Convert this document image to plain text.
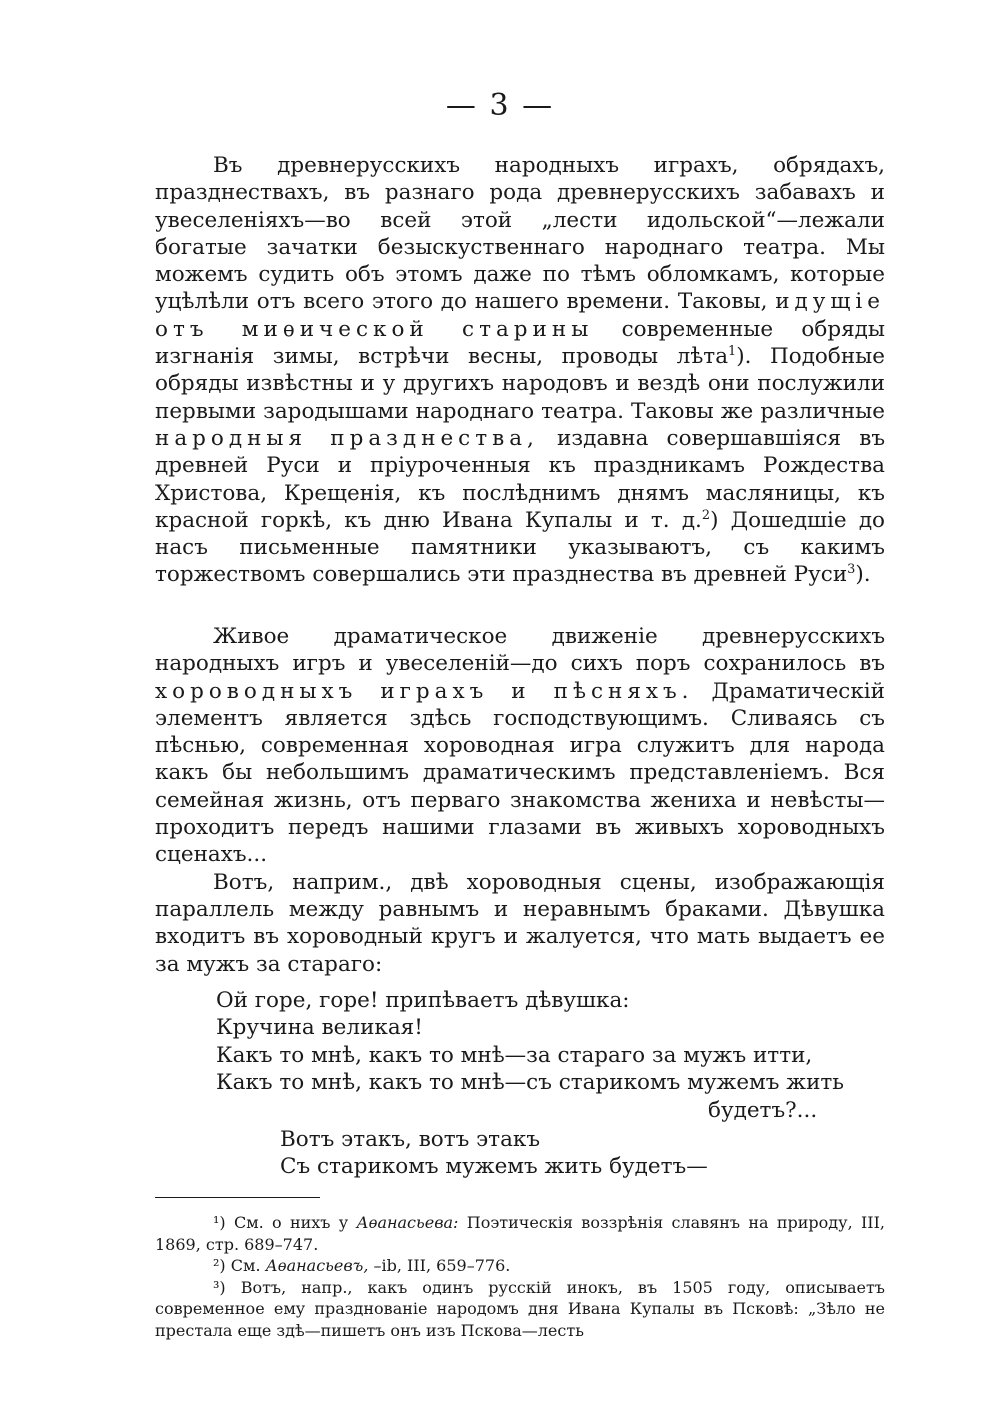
— 3 —

Въ древнерусскихъ народныхъ играхъ, обрядахъ, празднествахъ, въ разнаго рода древнерусскихъ забавахъ и увеселеніяхъ—во всей этой „лести идольской“—лежали богатые зачатки безыскуственнаго народнаго театра. Мы можемъ судить объ этомъ даже по тѣмъ обломкамъ, которые уцѣлѣли отъ всего этого до нашего времени. Таковы, идущіе отъ миѳической старины современные обряды изгнанія зимы, встрѣчи весны, проводы лѣта$^1$). Подобные обряды извѣстны и у другихъ народовъ и вездѣ они послужили первыми зародышами народнаго театра. Таковы же различные народныя празднества, издавна совершавшіяся въ древней Руси и пріуроченныя къ праздникамъ Рождества Христова, Крещенія, къ послѣднимъ днямъ масляницы, къ красной горкѣ, къ дню Ивана Купалы и т. д.$^2$) Дошедшіе до насъ письменные памятники указываютъ, съ какимъ торжествомъ совершались эти празднества въ древней Руси$^3$).

Живое драматическое движеніе древнерусскихъ народныхъ игръ и увеселеній—до сихъ поръ сохранилось въ хороводныхъ играхъ и пѣсняхъ. Драматическій элементъ является здѣсь господствующимъ. Сливаясь съ пѣснью, современная хороводная игра служитъ для народа какъ бы небольшимъ драматическимъ представленіемъ. Вся семейная жизнь, отъ перваго знакомства жениха и невѣсты—проходитъ передъ нашими глазами въ живыхъ хороводныхъ сценахъ...

Вотъ, наприм., двѣ хороводныя сцены, изображающія параллель между равнымъ и неравнымъ браками. Дѣвушка входитъ въ хороводный кругъ и жалуется, что мать выдаетъ ее за мужъ за стараго:

Ой горе, горе! припѣваетъ дѣвушка:
Кручина великая!
Какъ то мнѣ, какъ то мнѣ—за стараго за мужъ итти,
Какъ то мнѣ, какъ то мнѣ—съ старикомъ мужемъ жить
будетъ?...
Вотъ этакъ, вотъ этакъ
Съ старикомъ мужемъ жить будетъ—

¹) См. о нихъ у Аѳанасьева: Поэтическія воззрѣнія славянъ на природу, III, 1869, стр. 689–747.

²) См. Аѳанасьевъ, –ib, III, 659–776.

³) Вотъ, напр., какъ одинъ русскій инокъ, въ 1505 году, описываетъ современное ему празднованіе народомъ дня Ивана Купалы въ Псковѣ: „Зѣло не престала еще здѣ—пишетъ онъ изъ Пскова—лесть
